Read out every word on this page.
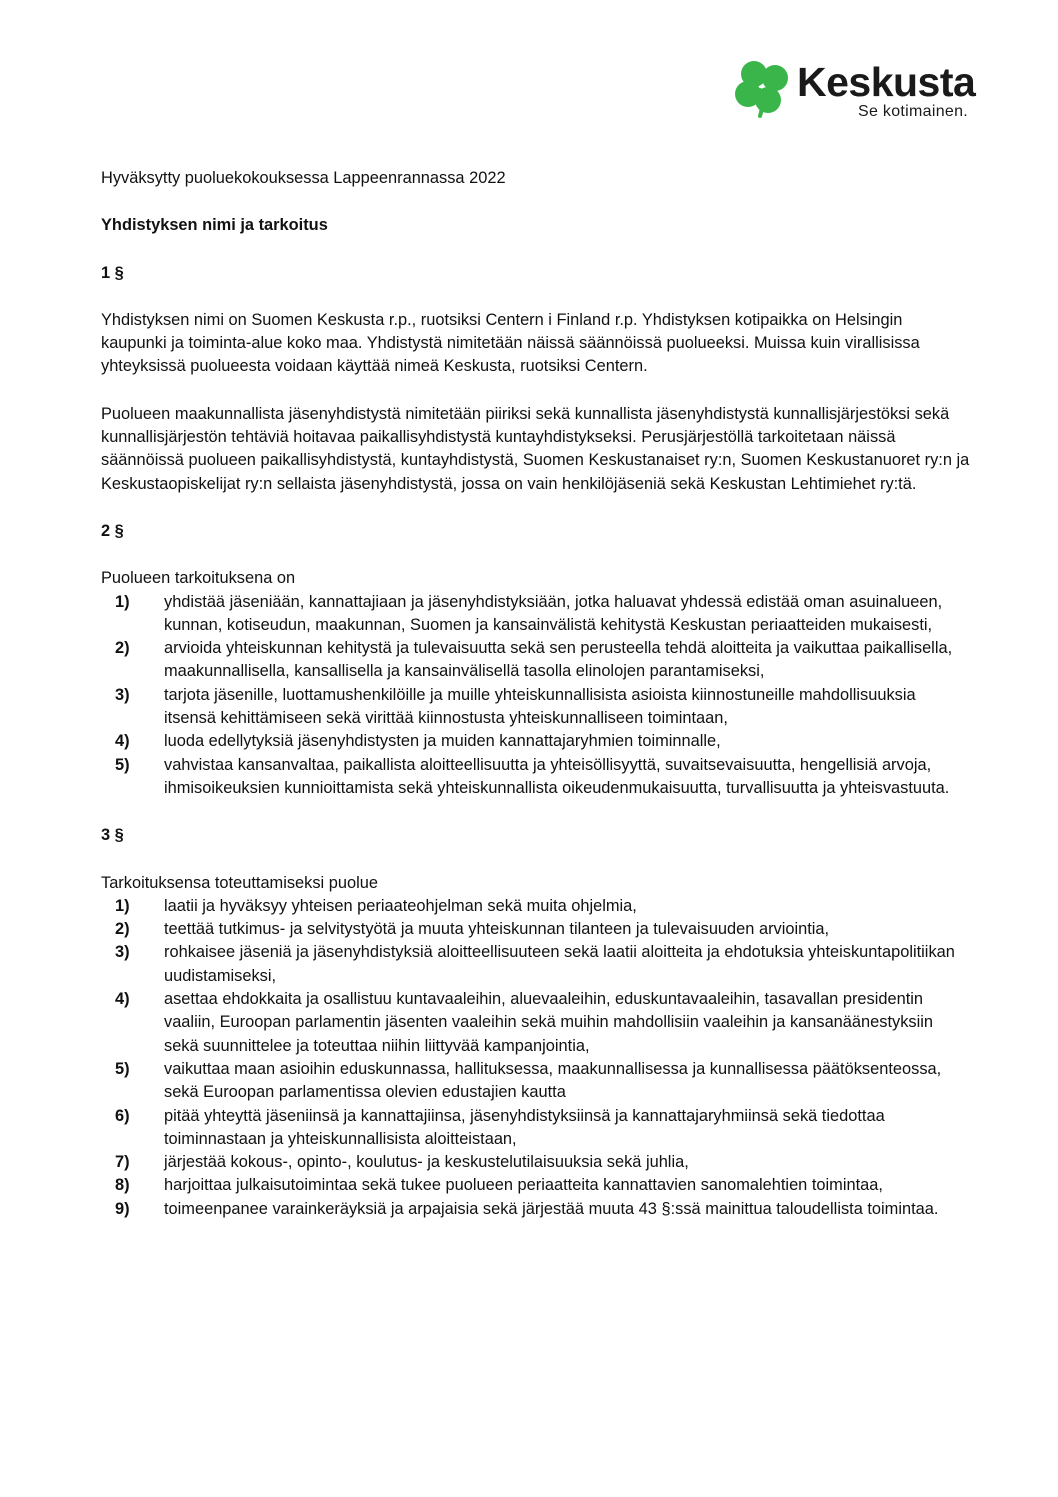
Keskusta
Se kotimainen.

Hyväksytty puoluekokouksessa Lappeenrannassa 2022

Yhdistyksen nimi ja tarkoitus

1 §

Yhdistyksen nimi on Suomen Keskusta r.p., ruotsiksi Centern i Finland r.p. Yhdistyksen kotipaikka on Helsingin kaupunki ja toiminta-alue koko maa. Yhdistystä nimitetään näissä säännöissä puolueeksi. Muissa kuin virallisissa yhteyksissä puolueesta voidaan käyttää nimeä Keskusta, ruotsiksi Centern.

Puolueen maakunnallista jäsenyhdistystä nimitetään piiriksi sekä kunnallista jäsenyhdistystä kunnallisjärjestöksi sekä kunnallisjärjestön tehtäviä hoitavaa paikallisyhdistystä kuntayhdistykseksi. Perusjärjestöllä tarkoitetaan näissä säännöissä puolueen paikallisyhdistystä, kuntayhdistystä, Suomen Keskustanaiset ry:n, Suomen Keskustanuoret ry:n ja Keskustaopiskelijat ry:n sellaista jäsenyhdistystä, jossa on vain henkilöjäseniä sekä Keskustan Lehtimiehet ry:tä.

2 §

Puolueen tarkoituksena on

1)	yhdistää jäseniään, kannattajiaan ja jäsenyhdistyksiään, jotka haluavat yhdessä edistää oman asuinalueen, kunnan, kotiseudun, maakunnan, Suomen ja kansainvälistä kehitystä Keskustan periaatteiden mukaisesti,
2)	arvioida yhteiskunnan kehitystä ja tulevaisuutta sekä sen perusteella tehdä aloitteita ja vaikuttaa paikallisella, maakunnallisella, kansallisella ja kansainvälisellä tasolla elinolojen parantamiseksi,
3)	tarjota jäsenille, luottamushenkilöille ja muille yhteiskunnallisista asioista kiinnostuneille mahdollisuuksia itsensä kehittämiseen sekä virittää kiinnostusta yhteiskunnalliseen toimintaan,
4)	luoda edellytyksiä jäsenyhdistysten ja muiden kannattajaryhmien toiminnalle,
5)	vahvistaa kansanvaltaa, paikallista aloitteellisuutta ja yhteisöllisyyttä, suvaitsevaisuutta, hengellisiä arvoja, ihmisoikeuksien kunnioittamista sekä yhteiskunnallista oikeudenmukaisuutta, turvallisuutta ja yhteisvastuuta.

3 §

Tarkoituksensa toteuttamiseksi puolue

1)	laatii ja hyväksyy yhteisen periaateohjelman sekä muita ohjelmia,
2)	teettää tutkimus- ja selvitystyötä ja muuta yhteiskunnan tilanteen ja tulevaisuuden arviointia,
3)	rohkaisee jäseniä ja jäsenyhdistyksiä aloitteellisuuteen sekä laatii aloitteita ja ehdotuksia yhteiskuntapolitiikan uudistamiseksi,
4)	asettaa ehdokkaita ja osallistuu kuntavaaleihin, aluevaaleihin, eduskuntavaaleihin, tasavallan presidentin vaaliin, Euroopan parlamentin jäsenten vaaleihin sekä muihin mahdollisiin vaaleihin ja kansanäänestyksiin sekä suunnittelee ja toteuttaa niihin liittyvää kampanjointia,
5)	vaikuttaa maan asioihin eduskunnassa, hallituksessa, maakunnallisessa ja kunnallisessa päätöksenteossa, sekä Euroopan parlamentissa olevien edustajien kautta
6)	pitää yhteyttä jäseniinsä ja kannattajiinsa, jäsenyhdistyksiinsä ja kannattajaryhmiinsä sekä tiedottaa toiminnastaan ja yhteiskunnallisista aloitteistaan,
7)	järjestää kokous-, opinto-, koulutus- ja keskustelutilaisuuksia sekä juhlia,
8)	harjoittaa julkaisutoimintaa sekä tukee puolueen periaatteita kannattavien sanomalehtien toimintaa,
9)	toimeenpanee varainkeräyksiä ja arpajaisia sekä järjestää muuta 43 §:ssä mainittua taloudellista toimintaa.
